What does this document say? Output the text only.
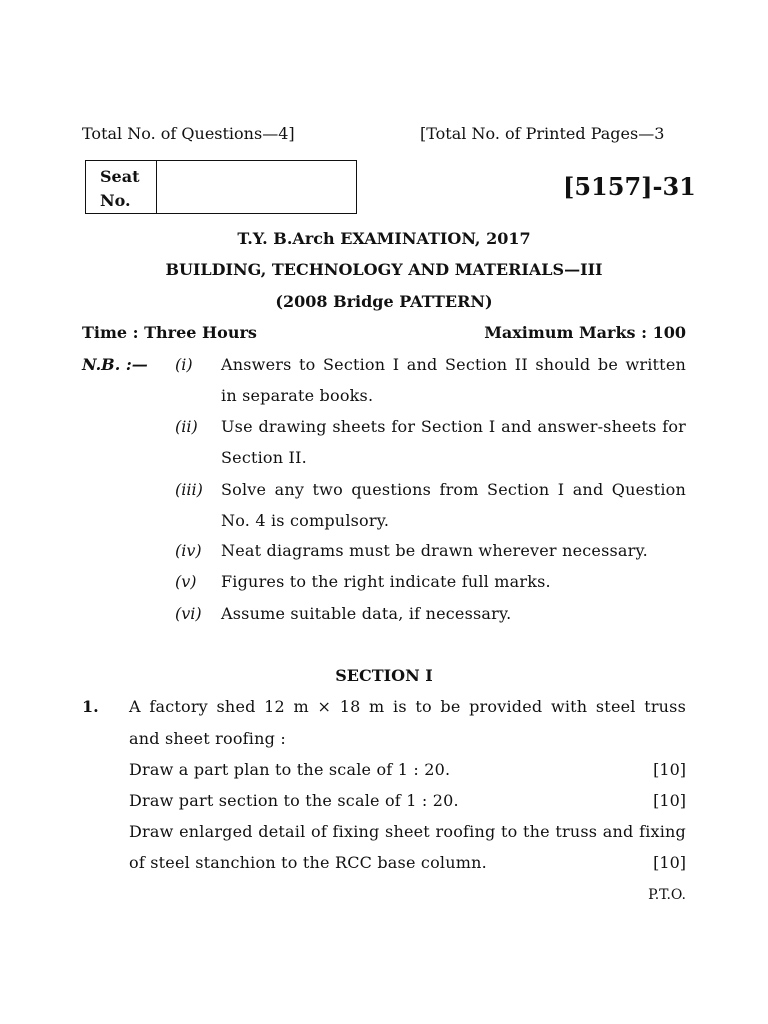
Total No. of Questions—4]	[Total No. of Printed Pages—3
Seat
No.	[5157]-31
T.Y. B.Arch EXAMINATION, 2017
BUILDING, TECHNOLOGY AND MATERIALS—III
(2008 Bridge PATTERN)
Time : Three Hours	Maximum Marks : 100
N.B. :— (i) Answers to Section I and Section II should be written
in separate books.
(ii) Use drawing sheets for Section I and answer-sheets for
Section II.
(iii) Solve any two questions from Section I and Question
No. 4 is compulsory.
(iv) Neat diagrams must be drawn wherever necessary.
(v) Figures to the right indicate full marks.
(vi) Assume suitable data, if necessary.
SECTION I
1. A factory shed 12 m × 18 m is to be provided with steel truss
and sheet roofing :
Draw a part plan to the scale of 1 : 20.	[10]
Draw part section to the scale of 1 : 20.	[10]
Draw enlarged detail of fixing sheet roofing to the truss and fixing
of steel stanchion to the RCC base column.	[10]
P.T.O.
